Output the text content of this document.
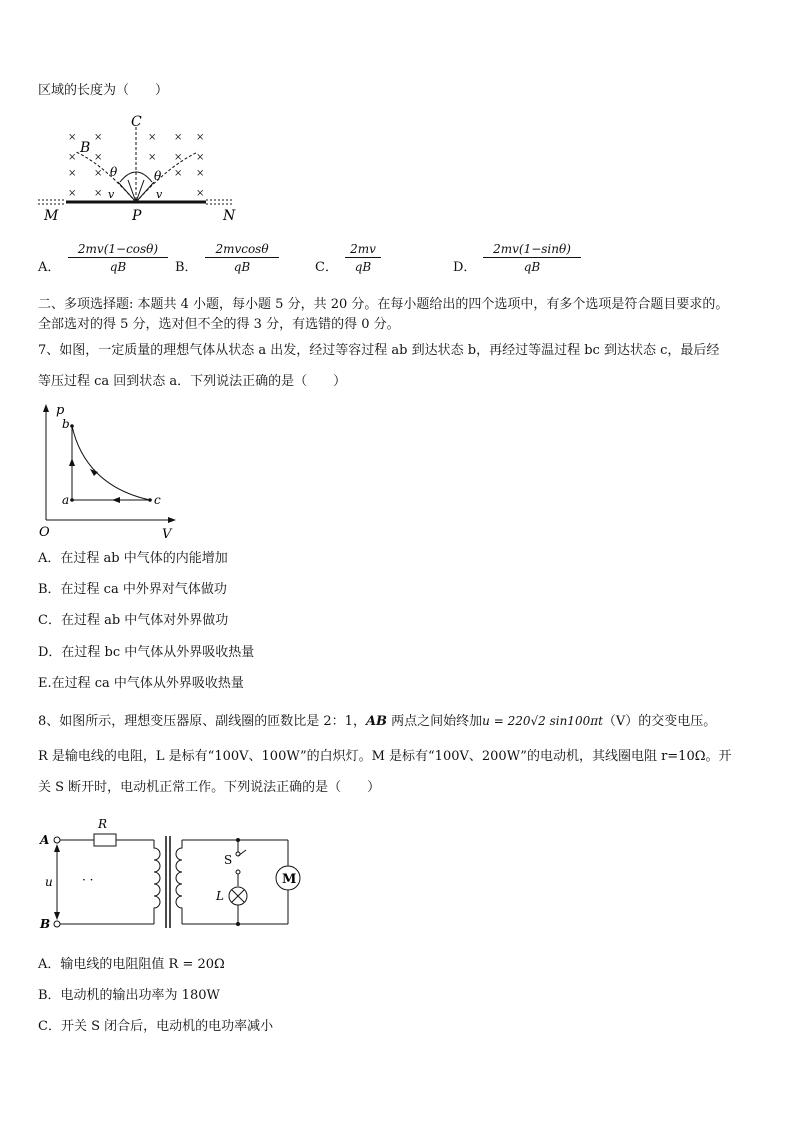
区域的长度为（　　）
× ×	× × ×
× ×	× × ×
× ×	× ×
× ×	×
C
B
M	P	N
θ	θ
v	v
A． $\frac{2mv(1-\cos\theta)}{qB}$ B． $\frac{2mvcos\theta}{qB}$	C． $\frac{2mv}{qB}$	D． $\frac{2mv(1-\sin\theta)}{qB}$
二、多项选择题: 本题共 4 小题，每小题 5 分，共 20 分。在每小题给出的四个选项中，有多个选项是符合题目要求的。
全部选对的得 5 分，选对但不全的得 3 分，有选错的得 0 分。
7、如图，一定质量的理想气体从状态 a 出发，经过等容过程 ab 到达状态 b，再经过等温过程 bc 到达状态 c，最后经
等压过程 ca 回到状态 a．下列说法正确的是（　　）
p
V
O
b
a	c
A．在过程 ab 中气体的内能增加
B．在过程 ca 中外界对气体做功
C．在过程 ab 中气体对外界做功
D．在过程 bc 中气体从外界吸收热量
E.在过程 ca 中气体从外界吸收热量
8、如图所示，理想变压器原、副线圈的匝数比是 2：1，AB 两点之间始终加u = 220√2 sin100πt（V）的交变电压。
R 是输电线的电阻，L 是标有“100V、100W”的白炽灯。M 是标有“100V、200W”的电动机，其线圈电阻 r=10Ω。开
关 S 断开时，电动机正常工作。下列说法正确的是（　　）
A
B
R
u · ·
S
L
M
A．输电线的电阻阻值 R = 20Ω
B．电动机的输出功率为 180W
C．开关 S 闭合后，电动机的电功率减小
